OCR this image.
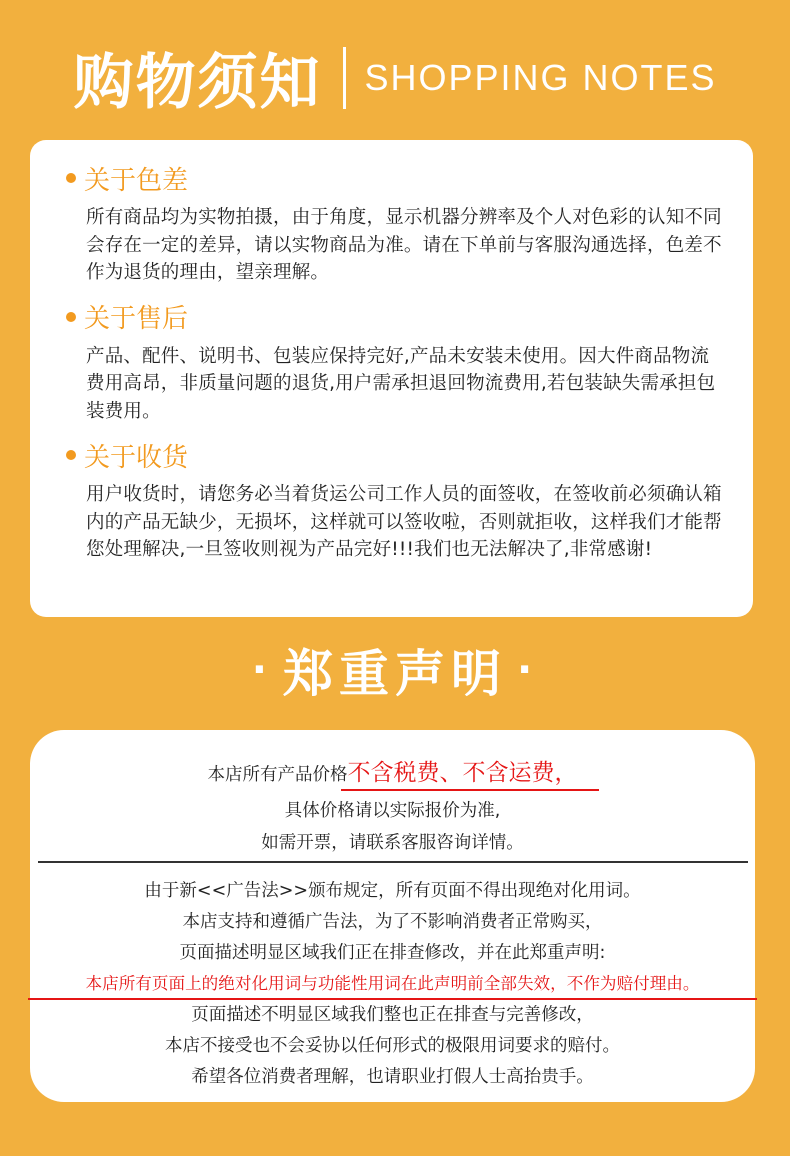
购物须知 SHOPPING NOTES
关于色差
所有商品均为实物拍摄，由于角度，显示机器分辨率及个人对色彩的认知不同会存在一定的差异，请以实物商品为准。请在下单前与客服沟通选择，色差不作为退货的理由，望亲理解。
关于售后
产品、配件、说明书、包装应保持完好,产品未安装未使用。因大件商品物流费用高昂，非质量问题的退货,用户需承担退回物流费用,若包装缺失需承担包装费用。
关于收货
用户收货时，请您务必当着货运公司工作人员的面签收，在签收前必须确认箱内的产品无缺少，无损坏，这样就可以签收啦，否则就拒收，这样我们才能帮您处理解决,一旦签收则视为产品完好!!!我们也无法解决了,非常感谢!
· 郑重声明 ·
本店所有产品价格不含税费、不含运费，
具体价格请以实际报价为准,
如需开票，请联系客服咨询详情。
由于新<<广告法>>颁布规定，所有页面不得出现绝对化用词。
本店支持和遵循广告法，为了不影响消费者正常购买，
页面描述明显区域我们正在排查修改，并在此郑重声明:
本店所有页面上的绝对化用词与功能性用词在此声明前全部失效，不作为赔付理由。
页面描述不明显区域我们整也正在排查与完善修改，
本店不接受也不会妥协以任何形式的极限用词要求的赔付。
希望各位消费者理解，也请职业打假人士高抬贵手。
